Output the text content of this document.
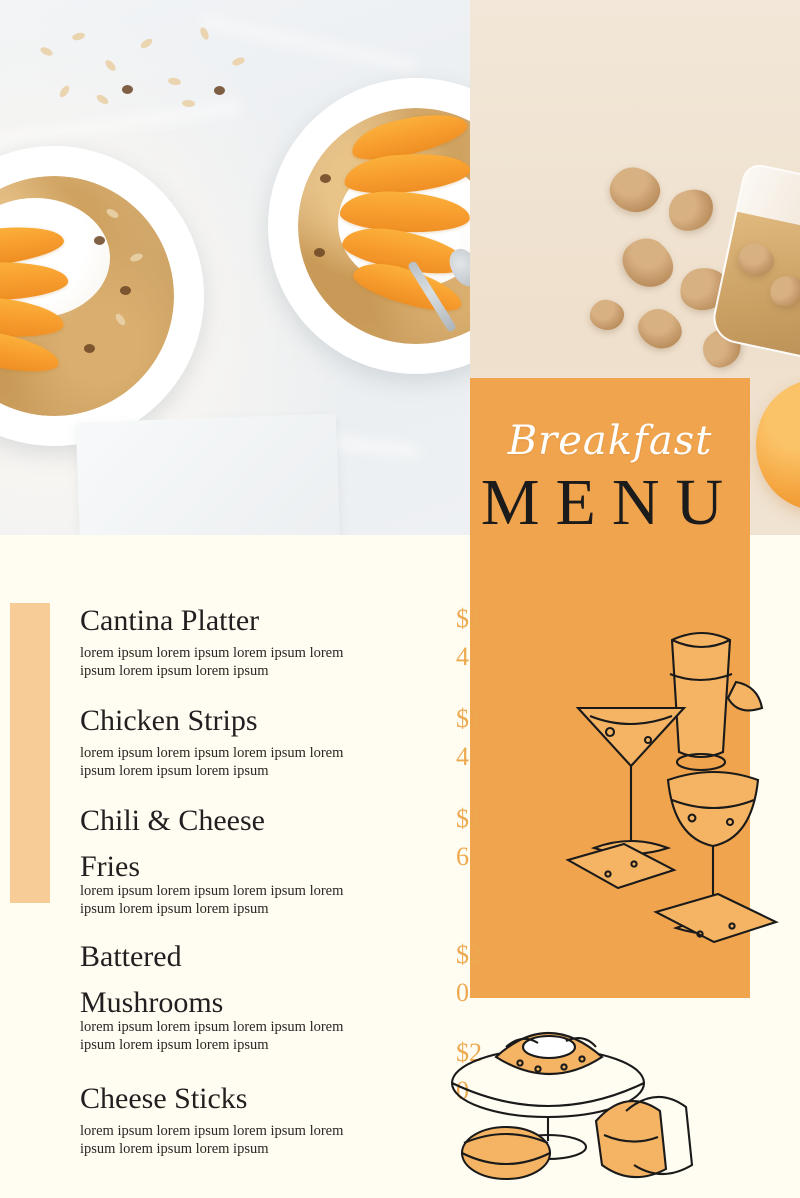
Breakfast
MENU
Cantina Platter
lorem ipsum lorem ipsum lorem ipsum lorem ipsum lorem ipsum lorem ipsum
$14
Chicken Strips
lorem ipsum lorem ipsum lorem ipsum lorem ipsum lorem ipsum lorem ipsum
$14
Chili & Cheese Fries
lorem ipsum lorem ipsum lorem ipsum lorem ipsum lorem ipsum lorem ipsum
$16
Battered Mushrooms
lorem ipsum lorem ipsum lorem ipsum lorem ipsum lorem ipsum lorem ipsum
$20
Cheese Sticks
lorem ipsum lorem ipsum lorem ipsum lorem ipsum lorem ipsum lorem ipsum
$20
